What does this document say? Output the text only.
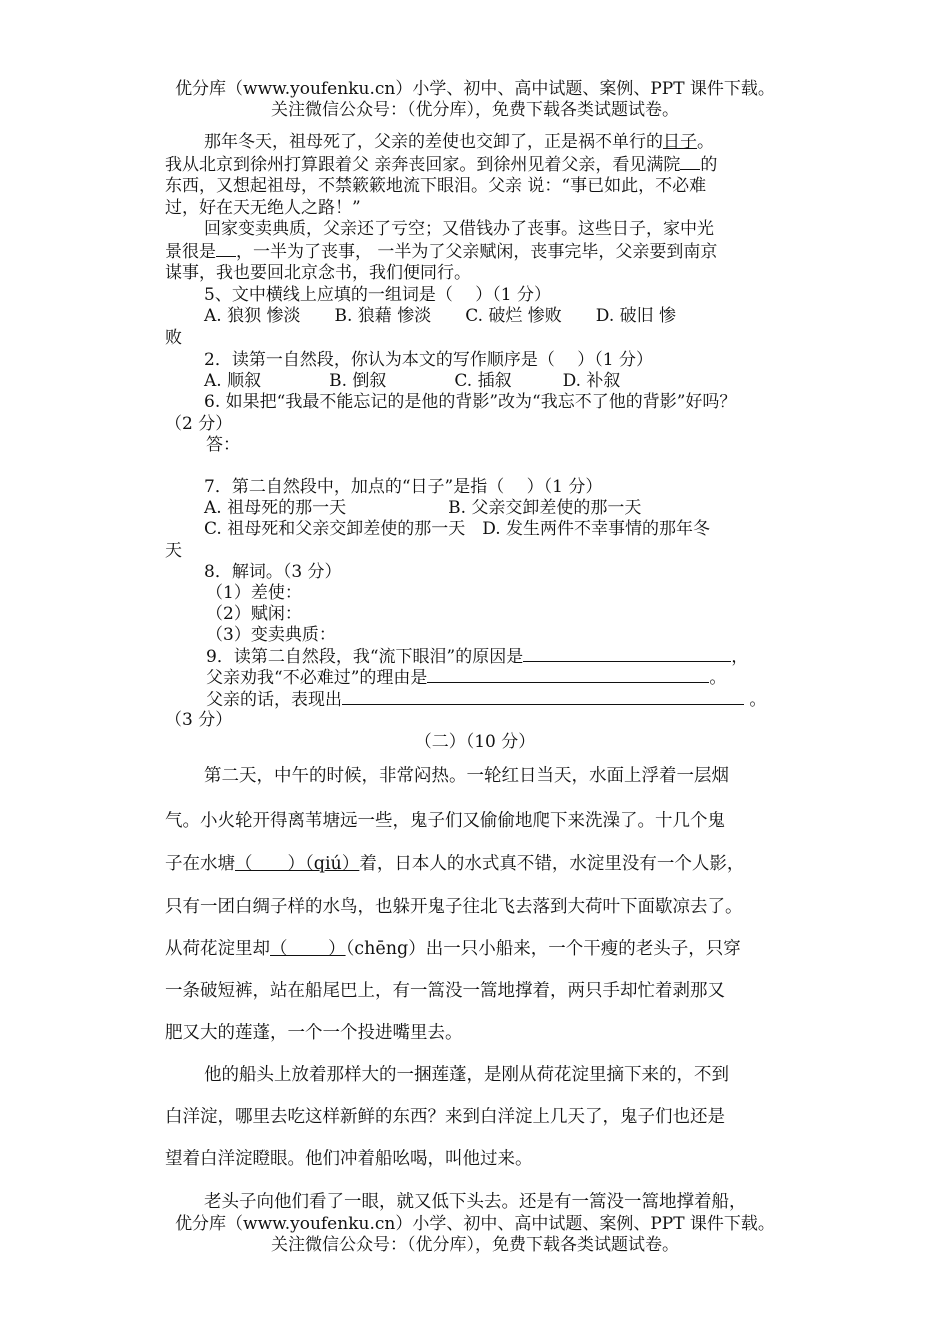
优分库（www.youfenku.cn）小学、初中、高中试题、案例、PPT 课件下载。
关注微信公众号：（优分库），免费下载各类试题试卷。
那年冬天，祖母死了，父亲的差使也交卸了，正是祸不单行的日子。
我从北京到徐州打算跟着父 亲奔丧回家。到徐州见着父亲，看见满院 的
东西，又想起祖母，不禁簌簌地流下眼泪。父亲 说：“事已如此，不必难
过，好在天无绝人之路！”
回家变卖典质，父亲还了亏空；又借钱办了丧事。这些日子，家中光
景很是 ，一半为了丧事， 一半为了父亲赋闲，丧事完毕，父亲要到南京
谋事，我也要回北京念书，我们便同行。
5、文中横线上应填的一组词是（　 ）（1 分）
A. 狼狈 惨淡　　B. 狼藉 惨淡　　C. 破烂 惨败　　D. 破旧 惨
败
2．读第一自然段，你认为本文的写作顺序是（　 ）（1 分）
A. 顺叙　　　　B. 倒叙　　　　C. 插叙　　　D. 补叙
6. 如果把“我最不能忘记的是他的背影”改为“我忘不了他的背影”好吗？
（2 分）
答：
7．第二自然段中，加点的“日子”是指（　 ）（1 分）
A. 祖母死的那一天　　　　　　B. 父亲交卸差使的那一天
C. 祖母死和父亲交卸差使的那一天　D. 发生两件不幸事情的那年冬
天
8．解词。（3 分）
（1）差使：
（2）赋闲：
（3）变卖典质：
9．读第二自然段，我“流下眼泪”的原因是	，
父亲劝我“不必难过”的理由是	。
父亲的话，表现出	。
（3 分）
（二）（10 分）
第二天，中午的时候，非常闷热。一轮红日当天，水面上浮着一层烟
气。小火轮开得离苇塘远一些，鬼子们又偷偷地爬下来洗澡了。十几个鬼
子在水塘（　　）（qiú）着，日本人的水式真不错，水淀里没有一个人影，
只有一团白绸子样的水鸟，也躲开鬼子往北飞去落到大荷叶下面歇凉去了。
从荷花淀里却（　　 ）（chēng）出一只小船来，一个干瘦的老头子，只穿
一条破短裤，站在船尾巴上，有一篙没一篙地撑着，两只手却忙着剥那又
肥又大的莲蓬，一个一个投进嘴里去。
他的船头上放着那样大的一捆莲蓬，是刚从荷花淀里摘下来的，不到
白洋淀，哪里去吃这样新鲜的东西？来到白洋淀上几天了，鬼子们也还是
望着白洋淀瞪眼。他们冲着船吆喝，叫他过来。
老头子向他们看了一眼，就又低下头去。还是有一篙没一篙地撑着船，
优分库（www.youfenku.cn）小学、初中、高中试题、案例、PPT 课件下载。
关注微信公众号：（优分库），免费下载各类试题试卷。
